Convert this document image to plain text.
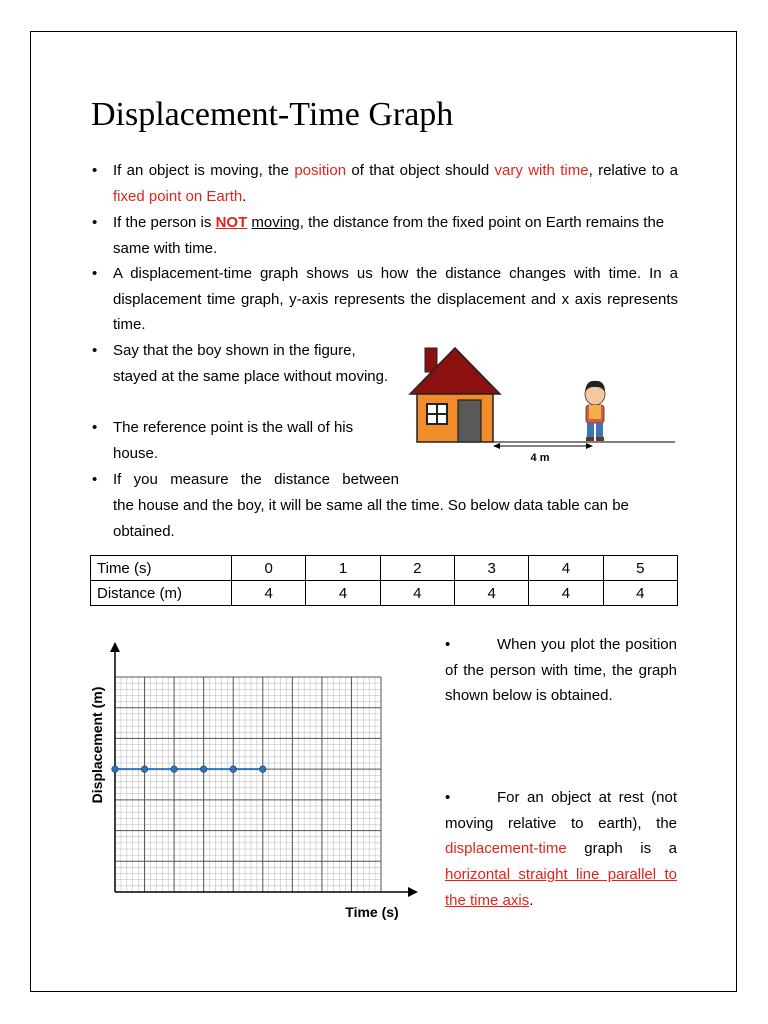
Displacement-Time Graph
• If an object is moving, the position of that object should vary with time, relative to a fixed point on Earth.
• If the person is NOT moving, the distance from the fixed point on Earth remains the same with time.
• A displacement-time graph shows us how the distance changes with time. In a displacement time graph, y-axis represents the displacement and x axis represents time.
• Say that the boy shown in the figure, stayed at the same place without moving.
• The reference point is the wall of his house.
• If you measure the distance between
the house and the boy, it will be same all the time. So below data table can be obtained.
4 m
Time (s)	0	1	2	3	4	5
Distance (m)	4	4	4	4	4	4
Time (s)
Displacement (m)
When you plot the position of the person with time, the graph shown below is obtained.
•
For an object at rest (not moving relative to earth), the displacement-time graph is a horizontal straight line parallel to the time axis.
•
